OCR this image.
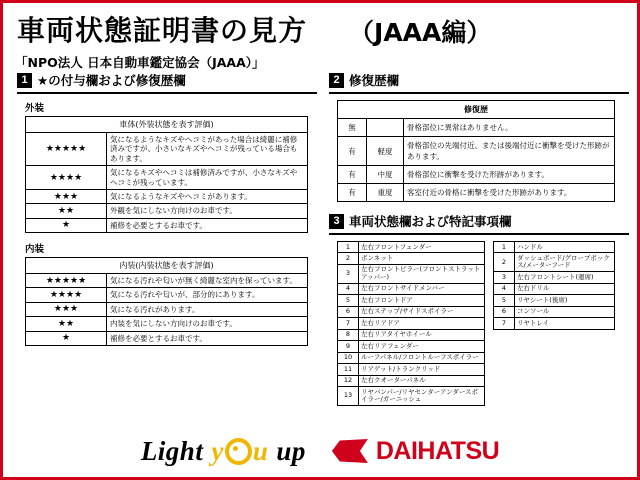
車両状態証明書の見方 （JAAA編）
「NPO法人 日本自動車鑑定協会（JAAA）」
1 ★の付与欄および修復歴欄
外装
車体(外装状態を表す評価)	
★★★★★	気になるようなキズやヘコミがあった場合は綺麗に補修済みですが、小さいなキズやヘコミが残っている場合もあります。
★★★★	気になるキズやヘコミは補修済みですが、小さなキズやヘコミが残っています。
★★★	気になるようなキズやヘコミがあります。
★★	外観を気にしない方向けのお車です。
★	補修を必要とするお車です。
内装
内装(内装状態を表す評価)	
★★★★★	気になる汚れや匂いが無く綺麗な室内を保っています。
★★★★	気になる汚れや匂いが、部分的にあります。
★★★	気になる汚れがあります。
★★	内装を気にしない方向けのお車です。
★	補修を必要とするお車です。
2 修復歴欄
修復歴		
無		骨格部位に異常はありません。
有	軽度	骨格部位の先端付近、または後端付近に衝撃を受けた形跡があります。
有	中度	骨格部位に衝撃を受けた形跡があります。
有	重度	客室付近の骨格に衝撃を受けた形跡があります。
3 車両状態欄および特記事項欄
1	左右フロントフェンダー
2	ボンネット
3	左右フロントピラー(フロントストラットアッパー)
4	左右フロントサイドメンバー
5	左右フロントドア
6	左右ステップ/サイドスポイラー
7	左右リアドア
8	左右リアタイヤホイール
9	左右リアフェンダー
10	ルーフパネル/フロントルーフスポイラー
11	リアゲット/トランクリッド
12	左右クオーターパネル
13	リヤバンパー/リヤセンターアンダースポイラー/ガーニッシュ
1	ハンドル
2	ダッシュボード/グローブボックス/メーターフード
3	左右フロントシート(運席)
4	左右ドリル
5	リヤシート(後席)
6	コンソール
7	リヤトレイ
Light y u up	DAIHATSU
